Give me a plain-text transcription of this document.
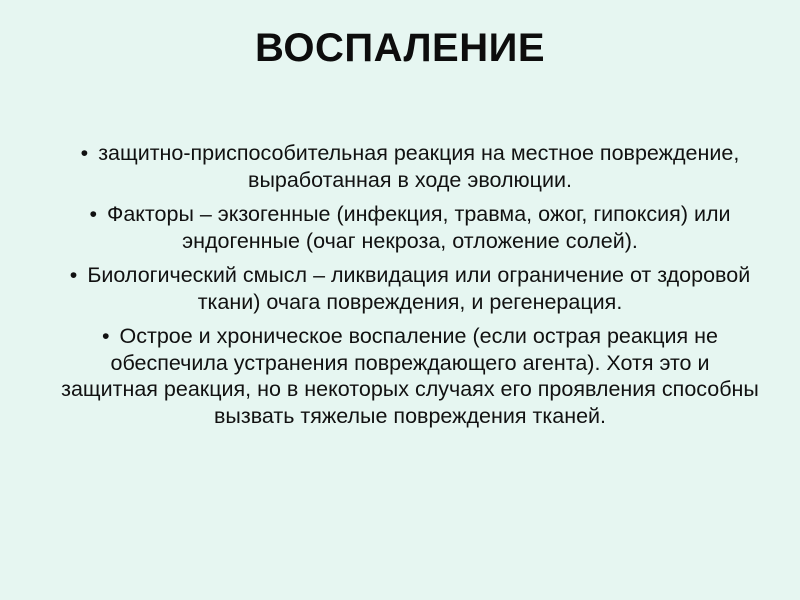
ВОСПАЛЕНИЕ
• защитно-приспособительная реакция на местное повреждение, выработанная в ходе эволюции.
• Факторы – экзогенные (инфекция, травма, ожог, гипоксия) или эндогенные (очаг некроза, отложение солей).
• Биологический смысл – ликвидация или ограничение от здоровой ткани) очага повреждения, и регенерация.
• Острое и хроническое воспаление (если острая реакция не обеспечила устранения повреждающего агента). Хотя это и защитная реакция, но в некоторых случаях его проявления способны вызвать тяжелые повреждения тканей.
